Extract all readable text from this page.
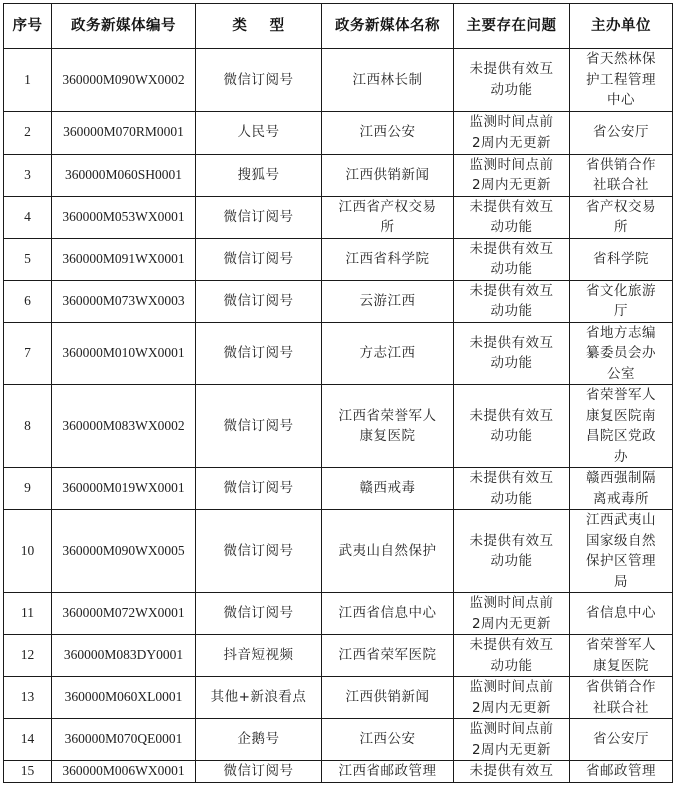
序号	政务新媒体编号	类    型	政务新媒体名称	主要存在问题	主办单位

1	360000M090WX0002	微信订阅号	江西林长制	未提供有效互
动功能	省天然林保
护工程管理
中心

2	360000M070RM0001	人民号	江西公安	监测时间点前
2周内无更新	省公安厅

3	360000M060SH0001	搜狐号	江西供销新闻	监测时间点前
2周内无更新	省供销合作
社联合社

4	360000M053WX0001	微信订阅号	江西省产权交易
所	未提供有效互
动功能	省产权交易
所

5	360000M091WX0001	微信订阅号	江西省科学院	未提供有效互
动功能	省科学院

6	360000M073WX0003	微信订阅号	云游江西	未提供有效互
动功能	省文化旅游
厅

7	360000M010WX0001	微信订阅号	方志江西	未提供有效互
动功能	省地方志编
纂委员会办
公室

8	360000M083WX0002	微信订阅号	江西省荣誉军人
康复医院	未提供有效互
动功能	省荣誉军人
康复医院南
昌院区党政
办

9	360000M019WX0001	微信订阅号	赣西戒毒	未提供有效互
动功能	赣西强制隔
离戒毒所

10	360000M090WX0005	微信订阅号	武夷山自然保护	未提供有效互
动功能	江西武夷山
国家级自然
保护区管理
局

11	360000M072WX0001	微信订阅号	江西省信息中心	监测时间点前
2周内无更新	省信息中心

12	360000M083DY0001	抖音短视频	江西省荣军医院	未提供有效互
动功能	省荣誉军人
康复医院

13	360000M060XL0001	其他+新浪看点	江西供销新闻	监测时间点前
2周内无更新	省供销合作
社联合社

14	360000M070QE0001	企鹅号	江西公安	监测时间点前
2周内无更新	省公安厅

15	360000M006WX0001	微信订阅号	江西省邮政管理	未提供有效互	省邮政管理
